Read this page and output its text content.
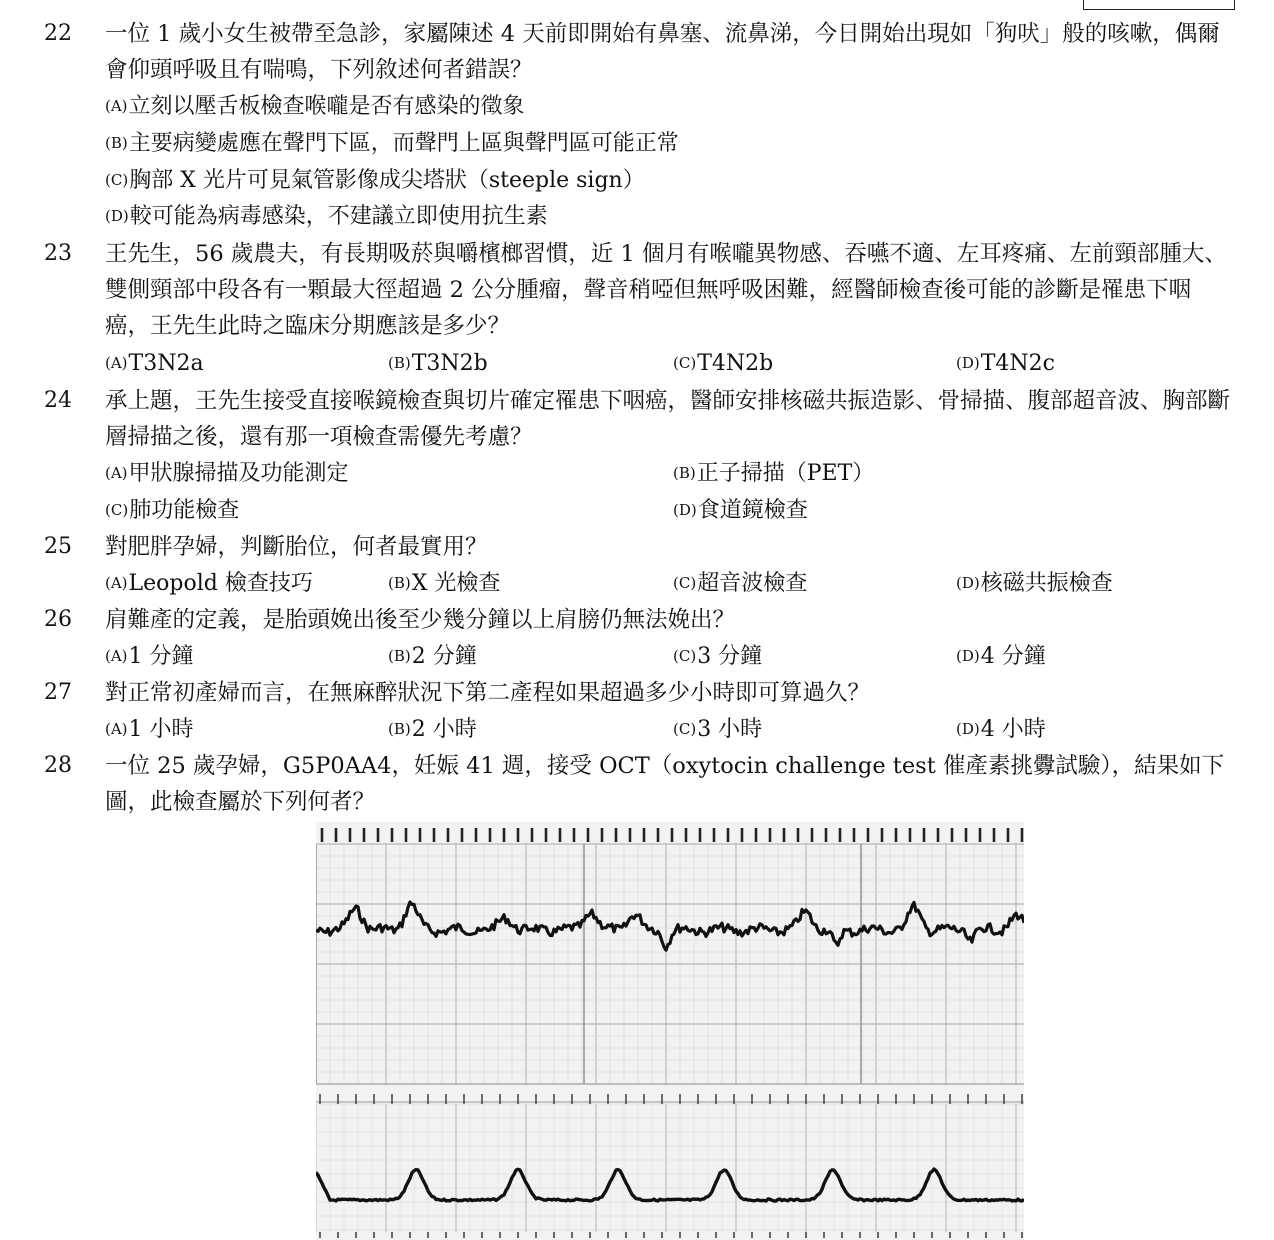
22 一位 1 歲小女生被帶至急診，家屬陳述 4 天前即開始有鼻塞、流鼻涕，今日開始出現如「狗吠」般的咳嗽，偶爾會仰頭呼吸且有喘鳴，下列敘述何者錯誤？
(A)立刻以壓舌板檢查喉嚨是否有感染的徵象
(B)主要病變處應在聲門下區，而聲門上區與聲門區可能正常
(C)胸部 X 光片可見氣管影像成尖塔狀（steeple sign）
(D)較可能為病毒感染，不建議立即使用抗生素
23 王先生，56 歲農夫，有長期吸菸與嚼檳榔習慣，近 1 個月有喉嚨異物感、吞嚥不適、左耳疼痛、左前頸部腫大、雙側頸部中段各有一顆最大徑超過 2 公分腫瘤，聲音稍啞但無呼吸困難，經醫師檢查後可能的診斷是罹患下咽癌，王先生此時之臨床分期應該是多少？
(A)T3N2a	(B)T3N2b	(C)T4N2b	(D)T4N2c
24 承上題，王先生接受直接喉鏡檢查與切片確定罹患下咽癌，醫師安排核磁共振造影、骨掃描、腹部超音波、胸部斷層掃描之後，還有那一項檢查需優先考慮？
(A)甲狀腺掃描及功能測定	(B)正子掃描（PET）
(C)肺功能檢查	(D)食道鏡檢查
25 對肥胖孕婦，判斷胎位，何者最實用？
(A)Leopold 檢查技巧	(B)X 光檢查	(C)超音波檢查	(D)核磁共振檢查
26 肩難產的定義，是胎頭娩出後至少幾分鐘以上肩膀仍無法娩出？
(A)1 分鐘	(B)2 分鐘	(C)3 分鐘	(D)4 分鐘
27 對正常初產婦而言，在無麻醉狀況下第二產程如果超過多少小時即可算過久？
(A)1 小時	(B)2 小時	(C)3 小時	(D)4 小時
28 一位 25 歲孕婦，G5P0AA4，妊娠 41 週，接受 OCT（oxytocin challenge test 催產素挑釁試驗），結果如下圖，此檢查屬於下列何者？
